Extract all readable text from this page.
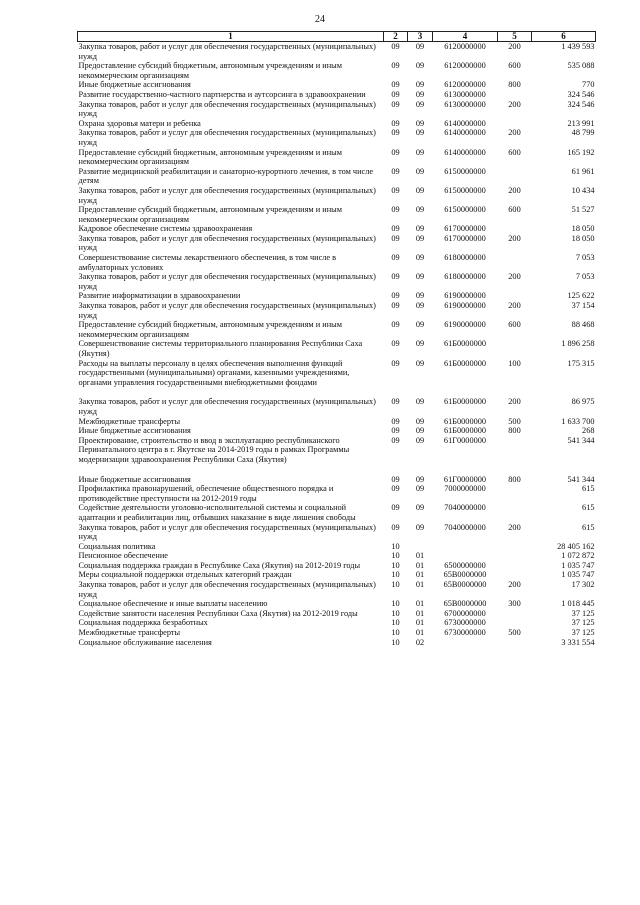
24
1	2	3	4	5	6
Закупка товаров, работ и услуг для обеспечения государственных (муниципальных) нужд	09	09	6120000000	200	1 439 593
Предоставление субсидий бюджетным, автономным учреждениям и иным некоммерческим организациям	09	09	6120000000	600	535 088
Иные бюджетные ассигнования	09	09	6120000000	800	770
Развитие государственно-частного партнерства и аутсорсинга в здравоохранении	09	09	6130000000		324 546
Закупка товаров, работ и услуг для обеспечения государственных (муниципальных) нужд	09	09	6130000000	200	324 546
Охрана здоровья матери и ребенка	09	09	6140000000		213 991
Закупка товаров, работ и услуг для обеспечения государственных (муниципальных) нужд	09	09	6140000000	200	48 799
Предоставление субсидий бюджетным, автономным учреждениям и иным некоммерческим организациям	09	09	6140000000	600	165 192
Развитие медицинской реабилитации и санаторно-курортного лечения, в том числе детям	09	09	6150000000		61 961
Закупка товаров, работ и услуг для обеспечения государственных (муниципальных) нужд	09	09	6150000000	200	10 434
Предоставление субсидий бюджетным, автономным учреждениям и иным некоммерческим организациям	09	09	6150000000	600	51 527
Кадровое обеспечение системы здравоохранения	09	09	6170000000		18 050
Закупка товаров, работ и услуг для обеспечения государственных (муниципальных) нужд	09	09	6170000000	200	18 050
Совершенствование системы лекарственного обеспечения, в том числе в амбулаторных условиях	09	09	6180000000		7 053
Закупка товаров, работ и услуг для обеспечения государственных (муниципальных) нужд	09	09	6180000000	200	7 053
Развитие информатизации в здравоохранении	09	09	6190000000		125 622
Закупка товаров, работ и услуг для обеспечения государственных (муниципальных) нужд	09	09	6190000000	200	37 154
Предоставление субсидий бюджетным, автономным учреждениям и иным некоммерческим организациям	09	09	6190000000	600	88 468
Совершенствование системы территориального планирования Республики Саха (Якутия)	09	09	61Б0000000		1 896 258
Расходы на выплаты персоналу в целях обеспечения выполнения функций государственными (муниципальными) органами, казенными учреждениями, органами управления государственными внебюджетными фондами	09	09	61Б0000000	100	175 315
Закупка товаров, работ и услуг для обеспечения государственных (муниципальных) нужд	09	09	61Б0000000	200	86 975
Межбюджетные трансферты	09	09	61Б0000000	500	1 633 700
Иные бюджетные ассигнования	09	09	61Б0000000	800	268
Проектирование, строительство и ввод в эксплуатацию республиканского Перинатального центра в г. Якутске на 2014-2019 годы в рамках Программы модернизации здравоохранения Республики Саха (Якутия)	09	09	61Г0000000		541 344
Иные бюджетные ассигнования	09	09	61Г0000000	800	541 344
Профилактика правонарушений, обеспечение общественного порядка и противодействие преступности на 2012-2019 годы	09	09	7000000000		615
Содействие деятельности уголовно-исполнительной системы и социальной адаптации и реабилитации лиц, отбывших наказание в виде лишения свободы	09	09	7040000000		615
Закупка товаров, работ и услуг для обеспечения государственных (муниципальных) нужд	09	09	7040000000	200	615
Социальная политика	10				28 405 162
Пенсионное обеспечение	10	01			1 072 872
Социальная поддержка граждан в Республике Саха (Якутия) на 2012-2019 годы	10	01	6500000000		1 035 747
Меры социальной поддержки отдельных категорий граждан	10	01	65В0000000		1 035 747
Закупка товаров, работ и услуг для обеспечения государственных (муниципальных) нужд	10	01	65В0000000	200	17 302
Социальное обеспечение и иные выплаты населению	10	01	65В0000000	300	1 018 445
Содействие занятости населения Республики Саха (Якутия) на 2012-2019 годы	10	01	6700000000		37 125
Социальная поддержка безработных	10	01	6730000000		37 125
Межбюджетные трансферты	10	01	6730000000	500	37 125
Социальное обслуживание населения	10	02			3 331 554
